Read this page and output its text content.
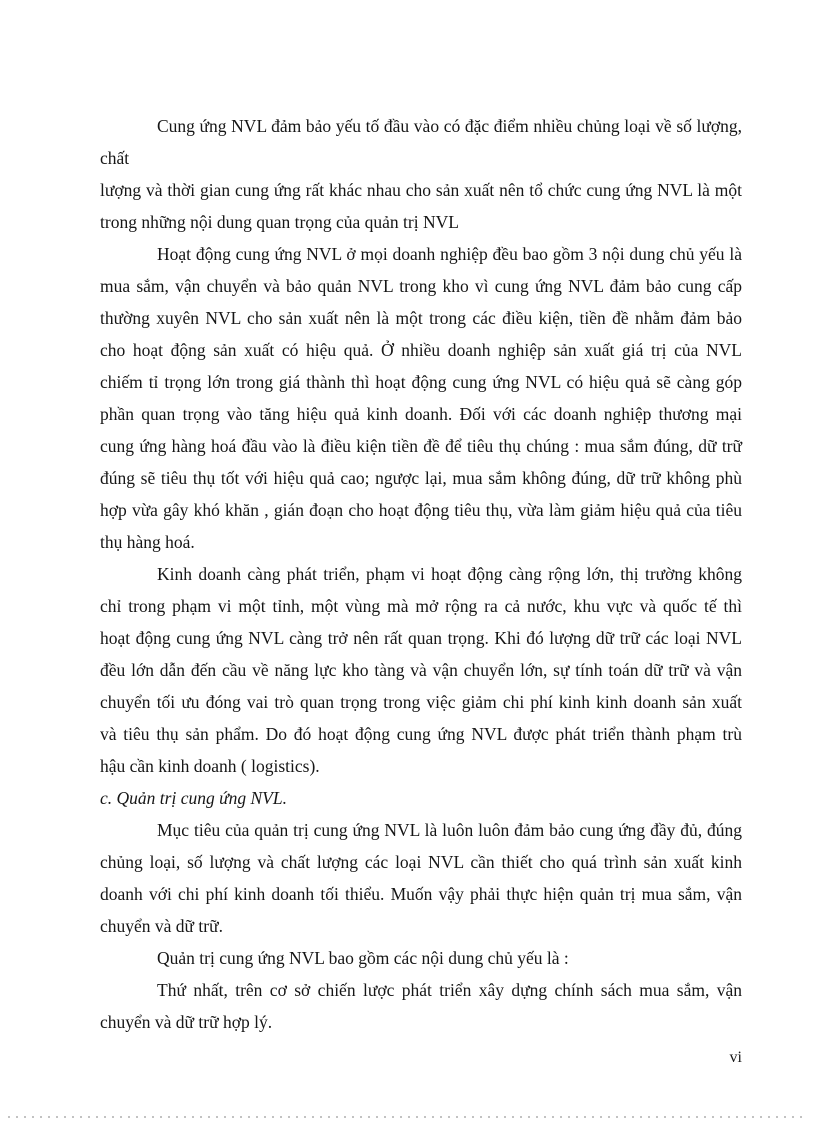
Cung ứng NVL đảm bảo yếu tố đầu vào có đặc điểm nhiều chủng loại về số lượng, chất
lượng và thời gian cung ứng rất khác nhau cho sản xuất nên tổ chức cung ứng NVL là một
trong những nội dung quan trọng của quản trị NVL

Hoạt động cung ứng NVL ở mọi doanh nghiệp đều bao gồm 3 nội dung chủ yếu là
mua sắm, vận chuyển và bảo quản NVL trong kho vì cung ứng NVL đảm bảo cung cấp
thường xuyên NVL cho sản xuất nên là một trong các điều kiện, tiền đề nhằm đảm bảo
cho hoạt động sản xuất có hiệu quả. Ở nhiều doanh nghiệp sản xuất giá trị của NVL
chiếm tỉ trọng lớn trong giá thành thì hoạt động cung ứng NVL có hiệu quả sẽ càng góp
phần quan trọng vào tăng hiệu quả kinh doanh. Đối với các doanh nghiệp thương mại
cung ứng hàng hoá đầu vào là điều kiện tiền đề để tiêu thụ chúng : mua sắm đúng, dữ trữ
đúng sẽ tiêu thụ tốt với hiệu quả cao; ngược lại, mua sắm không đúng, dữ trữ không phù
hợp vừa gây khó khăn , gián đoạn cho hoạt động tiêu thụ, vừa làm giảm hiệu quả của tiêu
thụ hàng hoá.

Kinh doanh càng phát triển, phạm vi hoạt động càng rộng lớn, thị trường không
chỉ trong phạm vi một tỉnh, một vùng mà mở rộng ra cả nước, khu vực và quốc tế thì
hoạt động cung ứng NVL càng trở nên rất quan trọng. Khi đó lượng dữ trữ các loại NVL
đều lớn dẫn đến cầu về năng lực kho tàng và vận chuyển lớn, sự tính toán dữ trữ và vận
chuyển tối ưu đóng vai trò quan trọng trong việc giảm chi phí kinh kinh doanh sản xuất
và tiêu thụ sản phẩm. Do đó hoạt động cung ứng NVL được phát triển thành phạm trù
hậu cần kinh doanh ( logistics).

c. Quản trị cung ứng NVL.

Mục tiêu của quản trị cung ứng NVL là luôn luôn đảm bảo cung ứng đầy đủ, đúng
chủng loại, số lượng và chất lượng các loại NVL cần thiết cho quá trình sản xuất kinh
doanh với chi phí kinh doanh tối thiểu. Muốn vậy phải thực hiện quản trị mua sắm, vận
chuyển và dữ trữ.

Quản trị cung ứng NVL bao gồm các nội dung chủ yếu là :

Thứ nhất, trên cơ sở chiến lược phát triển xây dựng chính sách mua sắm, vận
chuyển và dữ trữ hợp lý.

vi
